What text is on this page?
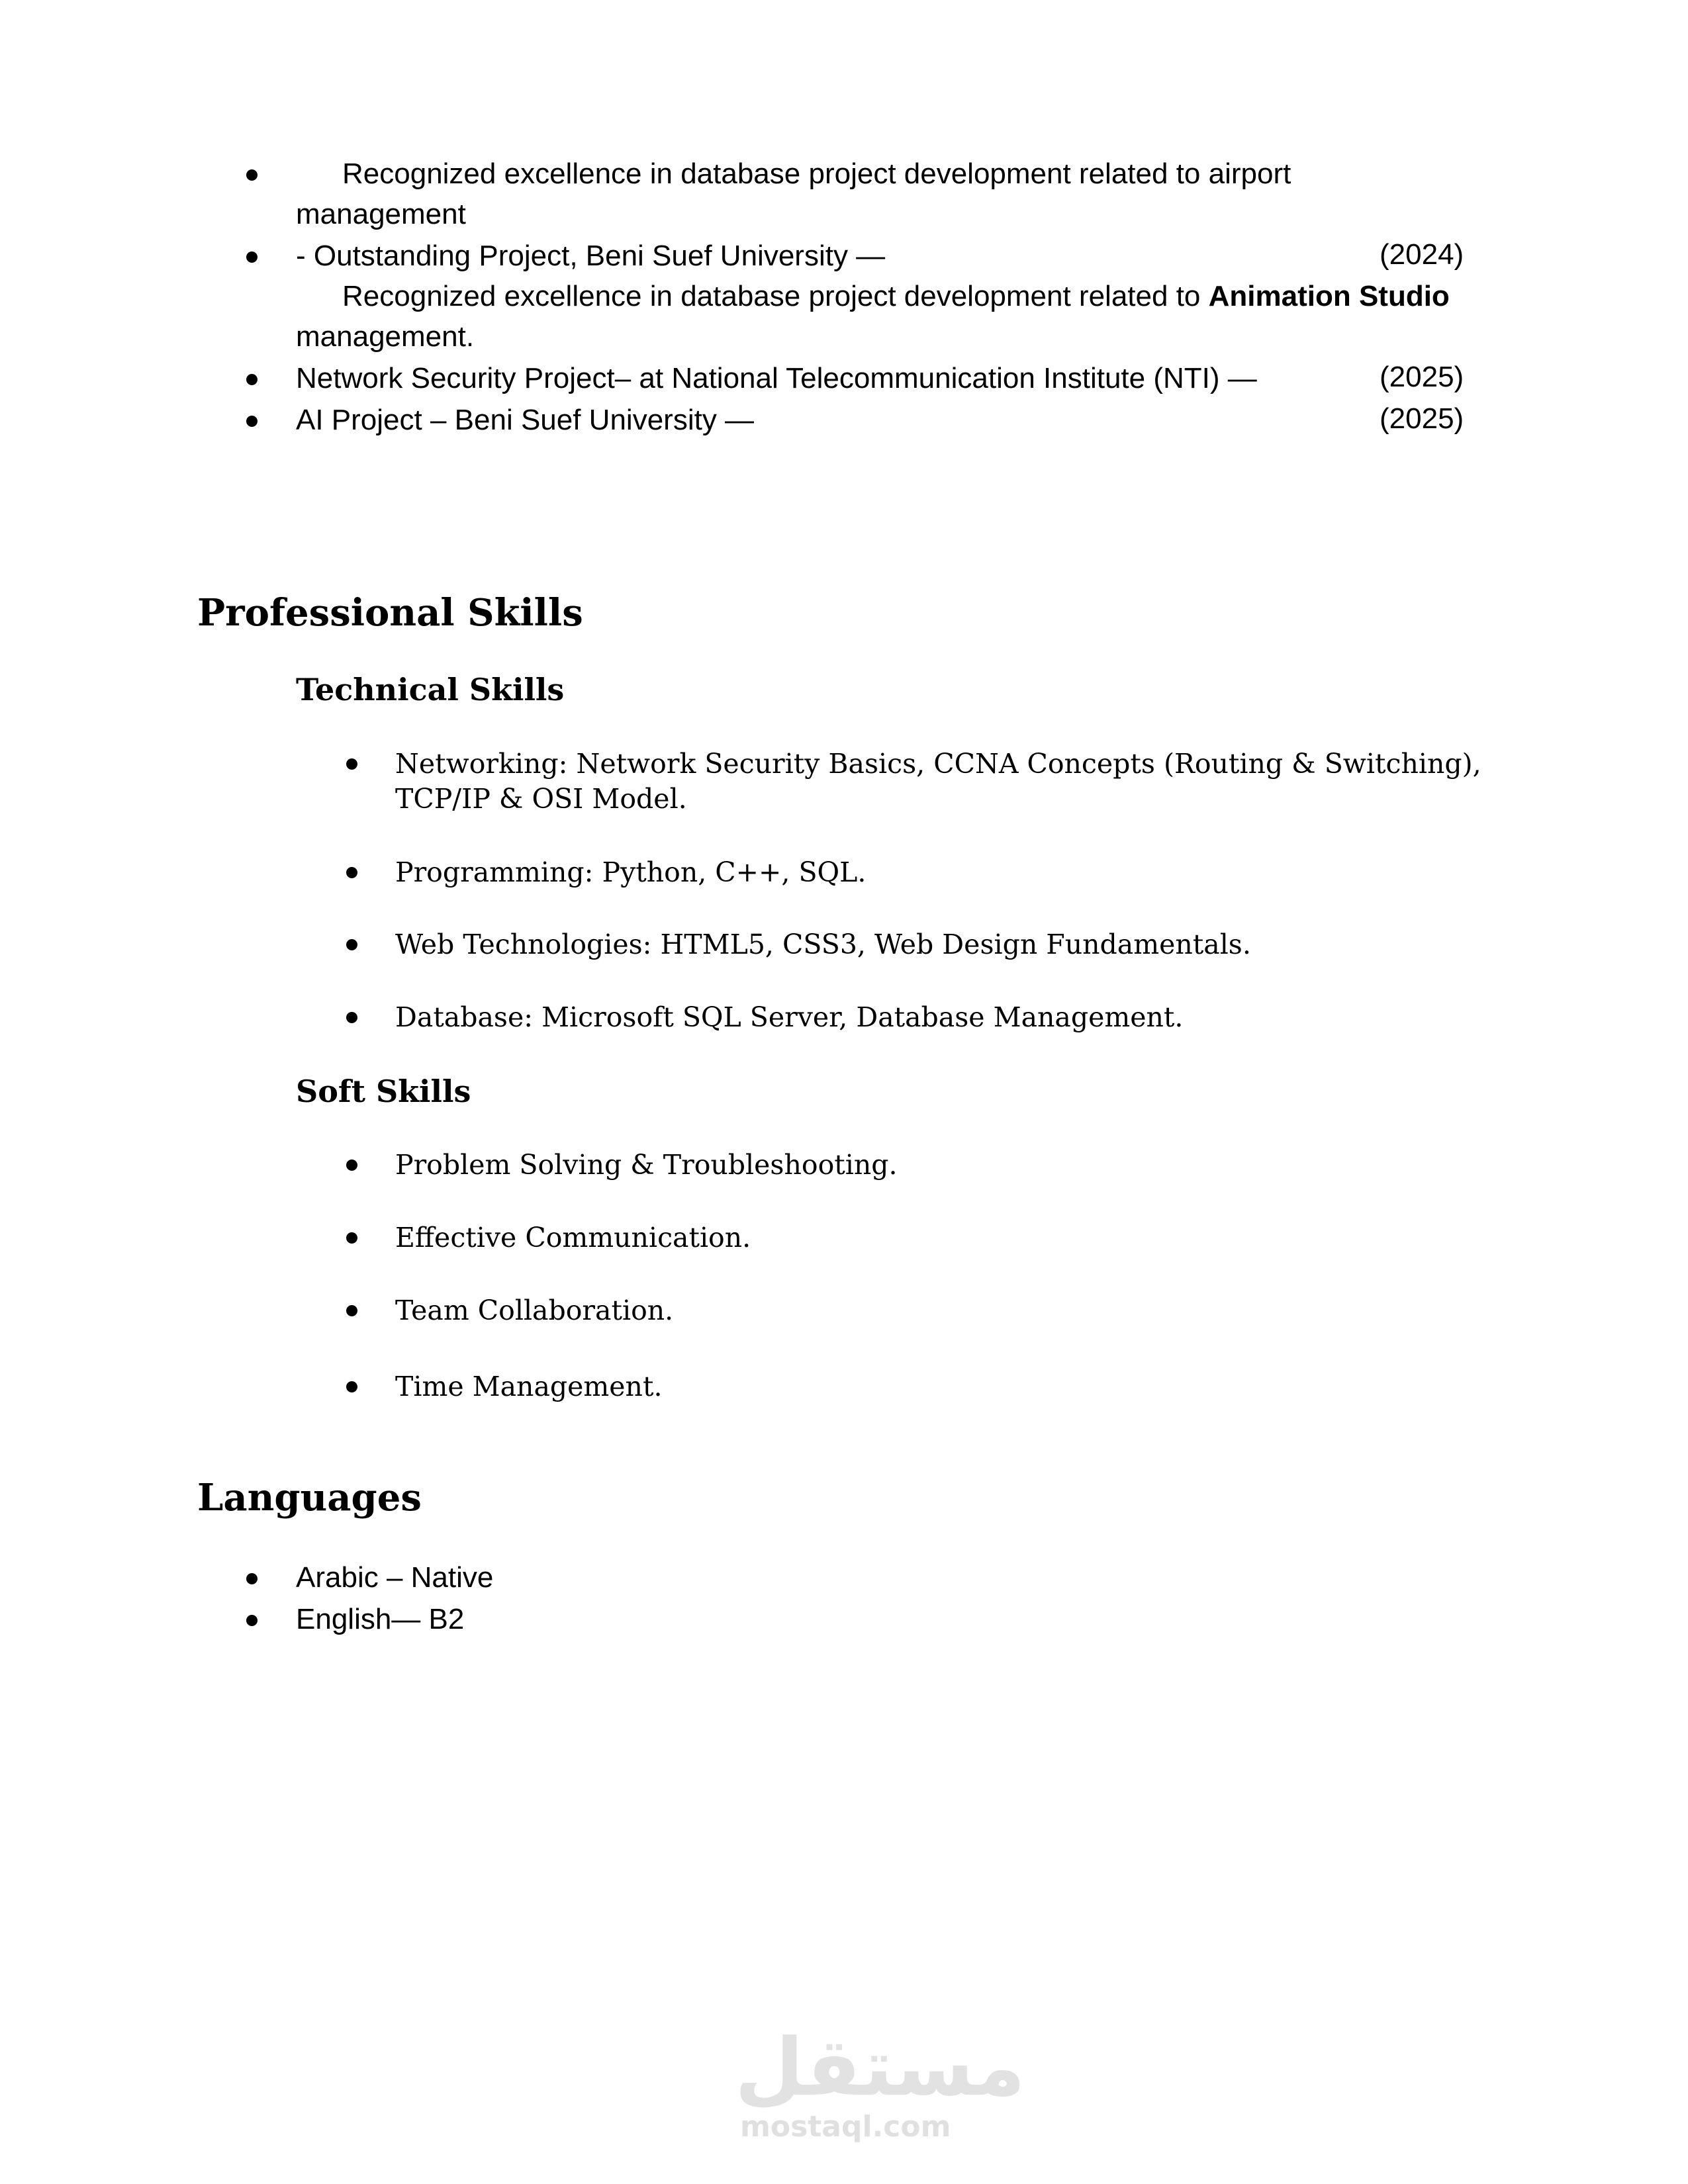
Recognized excellence in database project development related to airport
management
- Outstanding Project, Beni Suef University —	(2024)
Recognized excellence in database project development related to Animation Studio
management.
Network Security Project– at National Telecommunication Institute (NTI) —	(2025)
AI Project – Beni Suef University —	(2025)
Professional Skills
Technical Skills
Networking: Network Security Basics, CCNA Concepts (Routing & Switching),
TCP/IP & OSI Model.
Programming: Python, C++, SQL.
Web Technologies: HTML5, CSS3, Web Design Fundamentals.
Database: Microsoft SQL Server, Database Management.
Soft Skills
Problem Solving & Troubleshooting.
Effective Communication.
Team Collaboration.
Time Management.
Languages
Arabic – Native
English— B2
مستقل
mostaql.com
